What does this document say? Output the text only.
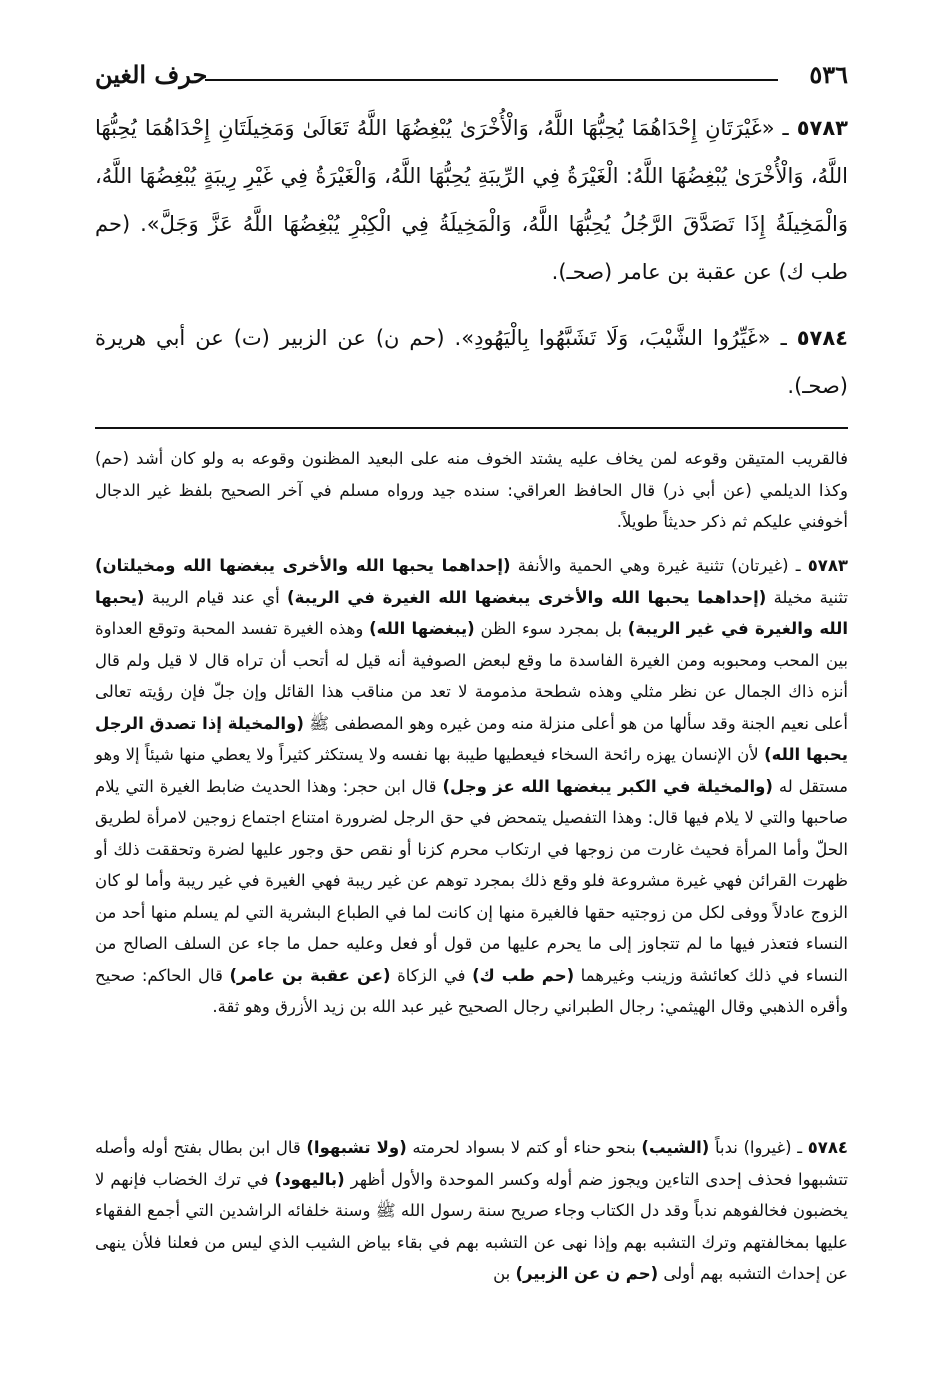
٥٣٦
حرف الغين

٥٧٨٣ ـ «غَيْرَتَانِ إِحْدَاهُمَا يُحِبُّهَا اللَّهُ، وَالْأُخْرَىٰ يُبْغِضُهَا اللَّهُ تَعَالَىٰ وَمَخِيلَتَانِ إِحْدَاهُمَا يُحِبُّهَا اللَّهُ، وَالْأُخْرَىٰ يُبْغِضُهَا اللَّهُ: الْغَيْرَةُ فِي الرِّيبَةِ يُحِبُّهَا اللَّهُ، وَالْغَيْرَةُ فِي غَيْرِ رِيبَةٍ يُبْغِضُهَا اللَّهُ، وَالْمَخِيلَةُ إِذَا تَصَدَّقَ الرَّجُلُ يُحِبُّهَا اللَّهُ، وَالْمَخِيلَةُ فِي الْكِبْرِ يُبْغِضُهَا اللَّهُ عَزَّ وَجَلَّ». (حم طب ك) عن عقبة بن عامر (صحـ).

٥٧٨٤ ـ «غَيِّرُوا الشَّيْبَ، وَلَا تَشَبَّهُوا بِالْيَهُودِ». (حم ن) عن الزبير (ت) عن أبي هريرة (صحـ).

فالقريب المتيقن وقوعه لمن يخاف عليه يشتد الخوف منه على البعيد المظنون وقوعه به ولو كان أشد (حم) وكذا الديلمي (عن أبي ذر) قال الحافظ العراقي: سنده جيد ورواه مسلم في آخر الصحيح بلفظ غير الدجال أخوفني عليكم ثم ذكر حديثاً طويلاً.

٥٧٨٣ ـ (غيرتان) تثنية غيرة وهي الحمية والأنفة (إحداهما يحبها الله والأخرى يبغضها الله ومخيلتان) تثنية مخيلة (إحداهما يحبها الله والأخرى يبغضها الله الغيرة في الريبة) أي عند قيام الريبة (يحبها الله والغيرة في غير الريبة) بل بمجرد سوء الظن (يبغضها الله) وهذه الغيرة تفسد المحبة وتوقع العداوة بين المحب ومحبوبه ومن الغيرة الفاسدة ما وقع لبعض الصوفية أنه قيل له أتحب أن تراه قال لا قيل ولم قال أنزه ذاك الجمال عن نظر مثلي وهذه شطحة مذمومة لا تعد من مناقب هذا القائل وإن جلّ فإن رؤيته تعالى أعلى نعيم الجنة وقد سألها من هو أعلى منزلة منه ومن غيره وهو المصطفى ﷺ (والمخيلة إذا تصدق الرجل يحبها الله) لأن الإنسان يهزه رائحة السخاء فيعطيها طيبة بها نفسه ولا يستكثر كثيراً ولا يعطي منها شيئاً إلا وهو مستقل له (والمخيلة في الكبر يبغضها الله عز وجل) قال ابن حجر: وهذا الحديث ضابط الغيرة التي يلام صاحبها والتي لا يلام فيها قال: وهذا التفصيل يتمحض في حق الرجل لضرورة امتناع اجتماع زوجين لامرأة لطريق الحلّ وأما المرأة فحيث غارت من زوجها في ارتكاب محرم كزنا أو نقص حق وجور عليها لضرة وتحققت ذلك أو ظهرت القرائن فهي غيرة مشروعة فلو وقع ذلك بمجرد توهم عن غير ريبة فهي الغيرة في غير ريبة وأما لو كان الزوج عادلاً ووفى لكل من زوجتيه حقها فالغيرة منها إن كانت لما في الطباع البشرية التي لم يسلم منها أحد من النساء فتعذر فيها ما لم تتجاوز إلى ما يحرم عليها من قول أو فعل وعليه حمل ما جاء عن السلف الصالح من النساء في ذلك كعائشة وزينب وغيرهما (حم طب ك) في الزكاة (عن عقبة بن عامر) قال الحاكم: صحيح وأقره الذهبي وقال الهيثمي: رجال الطبراني رجال الصحيح غير عبد الله بن زيد الأزرق وهو ثقة.

٥٧٨٤ ـ (غيروا) ندباً (الشيب) بنحو حناء أو كتم لا بسواد لحرمته (ولا تشبهوا) قال ابن بطال بفتح أوله وأصله تتشبهوا فحذف إحدى التاءين ويجوز ضم أوله وكسر الموحدة والأول أظهر (باليهود) في ترك الخضاب فإنهم لا يخضبون فخالفوهم ندباً وقد دل الكتاب وجاء صريح سنة رسول الله ﷺ وسنة خلفائه الراشدين التي أجمع الفقهاء عليها بمخالفتهم وترك التشبه بهم وإذا نهى عن التشبه بهم في بقاء بياض الشيب الذي ليس من فعلنا فلأن ينهى عن إحداث التشبه بهم أولى (حم ن عن الزبير) بن
